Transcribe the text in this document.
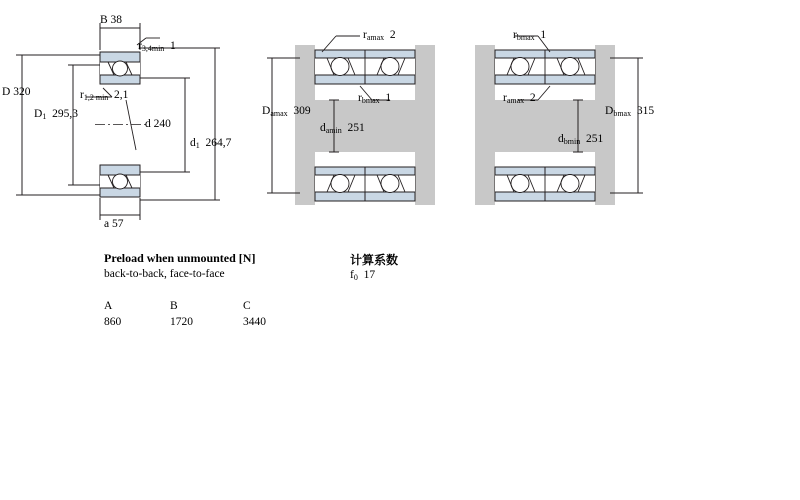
B 38
$r_{3,4min}$ 1
D 320	$r_{1,2 min}$ 2,1
$D_1$ 295,3
d 240
$d_1$ 264,7
a 57
$r_{amax}$ 2
$D_{amax}$ 309
$r_{bmax}$ 1
$d_{amin}$ 251
$r_{bmax}$ 1
$r_{amax}$ 2
$D_{bmax}$ 315
$d_{bmin}$ 251
Preload when unmounted [N]
back-to-back, face-to-face
A	B	C
860	1720	3440
计算系数
$f_0$ 17
